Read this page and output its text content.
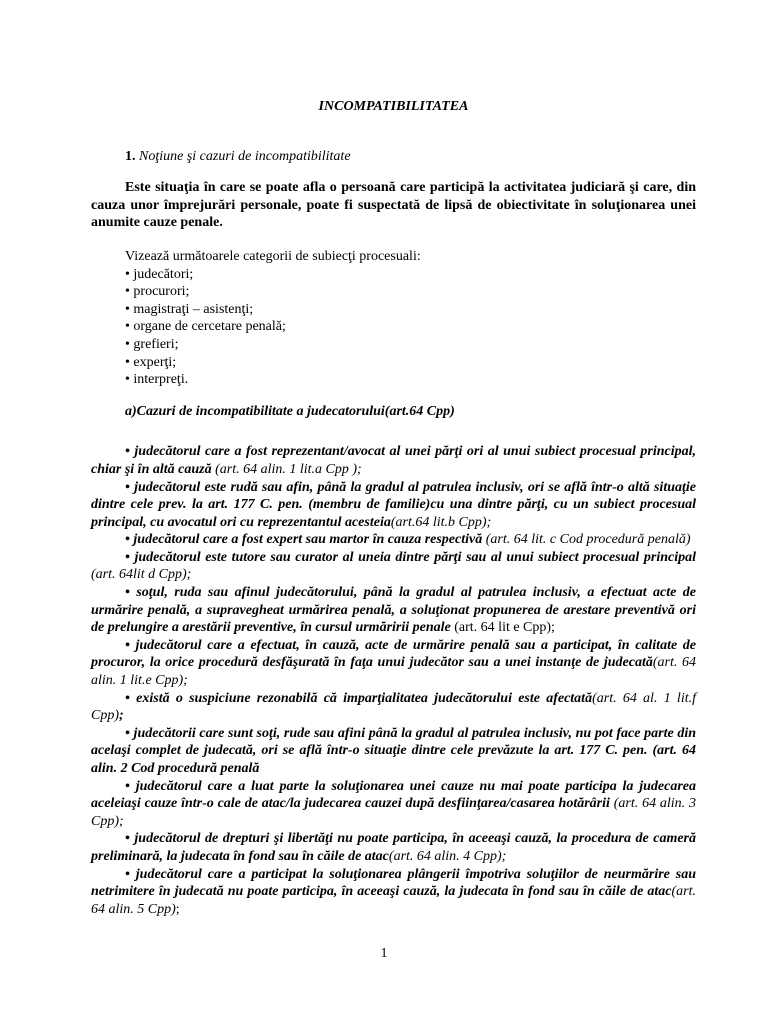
INCOMPATIBILITATEA

1. Noţiune şi cazuri de incompatibilitate

Este situaţia în care se poate afla o persoană care participă la activitatea judiciară şi care, din cauza unor împrejurări personale, poate fi suspectată de lipsă de obiectivitate în soluţionarea unei anumite cauze penale.

Vizează următoarele categorii de subiecţi procesuali:

• judecători;
• procurori;
• magistraţi – asistenţi;
• organe de cercetare penală;
• grefieri;
• experţi;
• interpreţi.

a)Cazuri de incompatibilitate a judecatorului(art.64 Cpp)

• judecătorul care a fost reprezentant/avocat al unei părţi ori al unui subiect procesual principal, chiar şi în altă cauză (art. 64 alin. 1 lit.a Cpp );

• judecătorul este rudă sau afin, până la gradul al patrulea inclusiv, ori se află într-o altă situaţie dintre cele prev. la art. 177 C. pen. (membru de familie)cu una dintre părţi, cu un subiect procesual principal, cu avocatul ori cu reprezentantul acesteia(art.64 lit.b Cpp);

• judecătorul care a fost expert sau martor în cauza respectivă (art. 64 lit. c Cod procedură penală)

• judecătorul este tutore sau curator al uneia dintre părţi sau al unui subiect procesual principal (art. 64lit d Cpp);

• soţul, ruda sau afinul judecătorului, până la gradul al patrulea inclusiv, a efectuat acte de urmărire penală, a supravegheat urmărirea penală, a soluţionat propunerea de arestare preventivă ori de prelungire a arestării preventive, în cursul urmăririi penale (art. 64 lit e Cpp);

• judecătorul care a efectuat, în cauză, acte de urmărire penală sau a participat, în calitate de procuror, la orice procedură desfăşurată în faţa unui judecător sau a unei instanţe de judecată(art. 64 alin. 1 lit.e Cpp);

• există o suspiciune rezonabilă că imparţialitatea judecătorului este afectată(art. 64 al. 1 lit.f Cpp);

• judecătorii care sunt soţi, rude sau afini până la gradul al patrulea inclusiv, nu pot face parte din acelaşi complet de judecată, ori se află într-o situaţie dintre cele prevăzute la art. 177 C. pen. (art. 64 alin. 2 Cod procedură penală

• judecătorul care a luat parte la soluţionarea unei cauze nu mai poate participa la judecarea aceleiaşi cauze într-o cale de atac/la judecarea cauzei după desfiinţarea/casarea hotărârii (art. 64 alin. 3 Cpp);

• judecătorul de drepturi şi libertăţi nu poate participa, în aceeaşi cauză, la procedura de cameră preliminară, la judecata în fond sau în căile de atac(art. 64 alin. 4 Cpp);

• judecătorul care a participat la soluţionarea plângerii împotriva soluţiilor de neurmărire sau netrimitere în judecată nu poate participa, în aceeaşi cauză, la judecata în fond sau în căile de atac(art. 64 alin. 5 Cpp);

1
